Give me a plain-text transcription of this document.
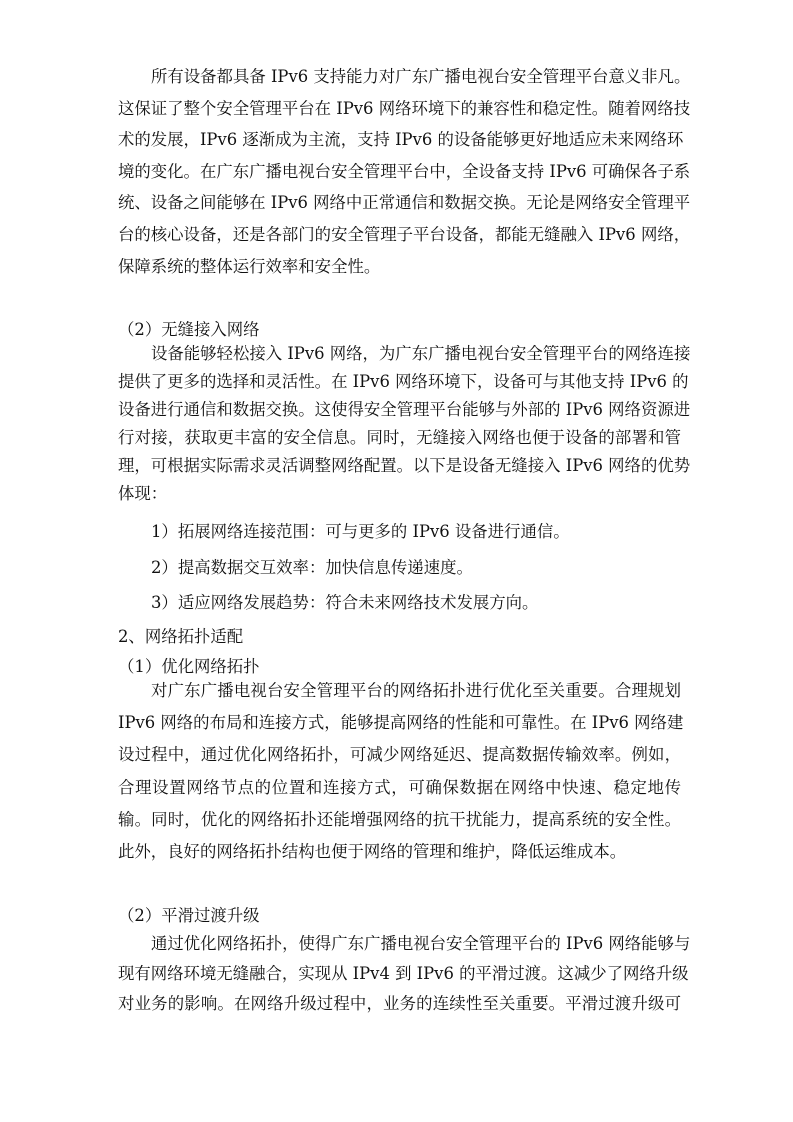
所有设备都具备 IPv6 支持能力对广东广播电视台安全管理平台意义非凡。
这保证了整个安全管理平台在 IPv6 网络环境下的兼容性和稳定性。随着网络技
术的发展，IPv6 逐渐成为主流，支持 IPv6 的设备能够更好地适应未来网络环
境的变化。在广东广播电视台安全管理平台中，全设备支持 IPv6 可确保各子系
统、设备之间能够在 IPv6 网络中正常通信和数据交换。无论是网络安全管理平
台的核心设备，还是各部门的安全管理子平台设备，都能无缝融入 IPv6 网络，
保障系统的整体运行效率和安全性。
（2）无缝接入网络
设备能够轻松接入 IPv6 网络，为广东广播电视台安全管理平台的网络连接
提供了更多的选择和灵活性。在 IPv6 网络环境下，设备可与其他支持 IPv6 的
设备进行通信和数据交换。这使得安全管理平台能够与外部的 IPv6 网络资源进
行对接，获取更丰富的安全信息。同时，无缝接入网络也便于设备的部署和管
理，可根据实际需求灵活调整网络配置。以下是设备无缝接入 IPv6 网络的优势
体现：
1）拓展网络连接范围：可与更多的 IPv6 设备进行通信。
2）提高数据交互效率：加快信息传递速度。
3）适应网络发展趋势：符合未来网络技术发展方向。
2、网络拓扑适配
（1）优化网络拓扑
对广东广播电视台安全管理平台的网络拓扑进行优化至关重要。合理规划
IPv6 网络的布局和连接方式，能够提高网络的性能和可靠性。在 IPv6 网络建
设过程中，通过优化网络拓扑，可减少网络延迟、提高数据传输效率。例如，
合理设置网络节点的位置和连接方式，可确保数据在网络中快速、稳定地传
输。同时，优化的网络拓扑还能增强网络的抗干扰能力，提高系统的安全性。
此外，良好的网络拓扑结构也便于网络的管理和维护，降低运维成本。
（2）平滑过渡升级
通过优化网络拓扑，使得广东广播电视台安全管理平台的 IPv6 网络能够与
现有网络环境无缝融合，实现从 IPv4 到 IPv6 的平滑过渡。这减少了网络升级
对业务的影响。在网络升级过程中，业务的连续性至关重要。平滑过渡升级可
